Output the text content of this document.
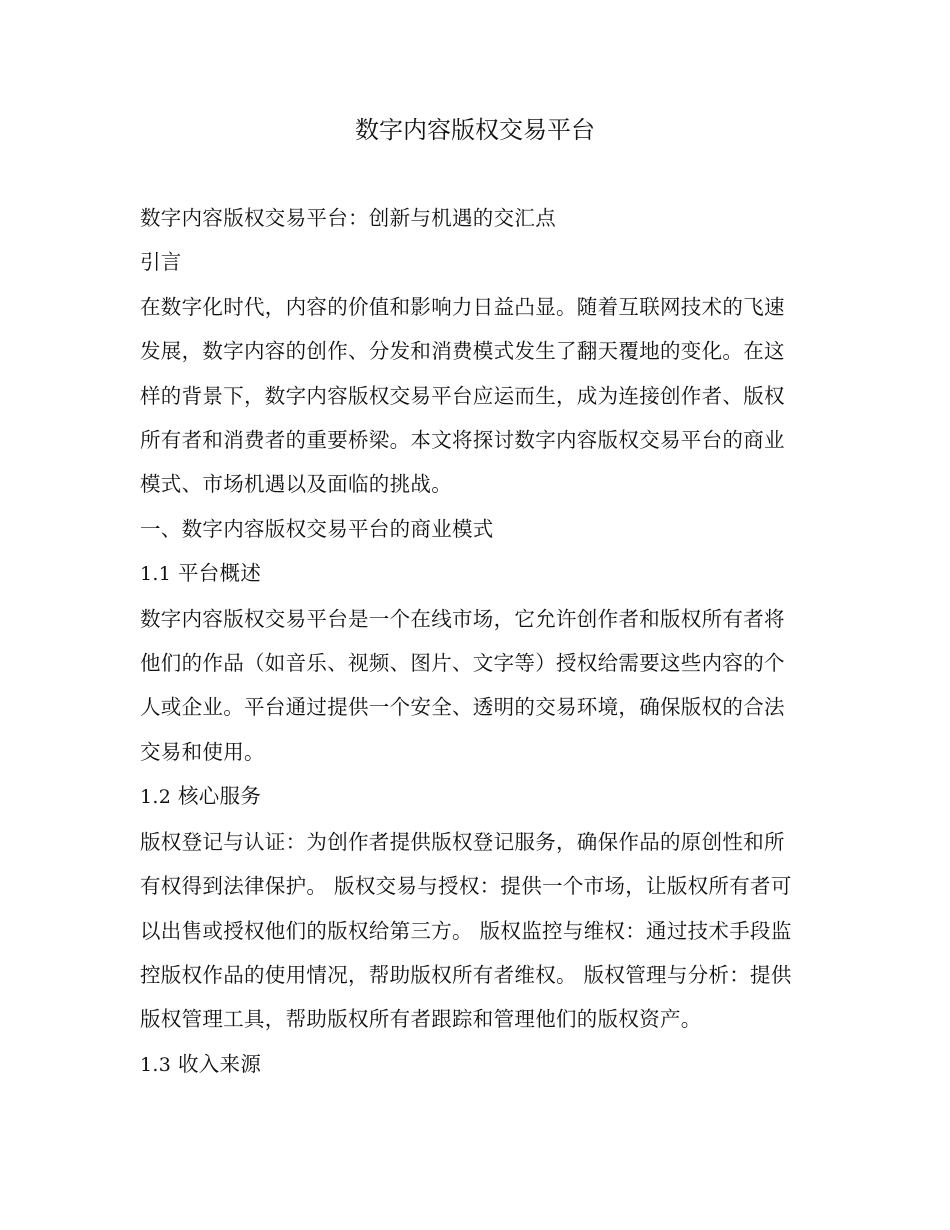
数字内容版权交易平台

数字内容版权交易平台：创新与机遇的交汇点

引言

在数字化时代，内容的价值和影响力日益凸显。随着互联网技术的飞速发展，数字内容的创作、分发和消费模式发生了翻天覆地的变化。在这样的背景下，数字内容版权交易平台应运而生，成为连接创作者、版权所有者和消费者的重要桥梁。本文将探讨数字内容版权交易平台的商业模式、市场机遇以及面临的挑战。

一、数字内容版权交易平台的商业模式

1.1 平台概述

数字内容版权交易平台是一个在线市场，它允许创作者和版权所有者将他们的作品（如音乐、视频、图片、文字等）授权给需要这些内容的个人或企业。平台通过提供一个安全、透明的交易环境，确保版权的合法交易和使用。

1.2 核心服务

版权登记与认证：为创作者提供版权登记服务，确保作品的原创性和所有权得到法律保护。 版权交易与授权：提供一个市场，让版权所有者可以出售或授权他们的版权给第三方。 版权监控与维权：通过技术手段监控版权作品的使用情况，帮助版权所有者维权。 版权管理与分析：提供版权管理工具，帮助版权所有者跟踪和管理他们的版权资产。

1.3 收入来源
